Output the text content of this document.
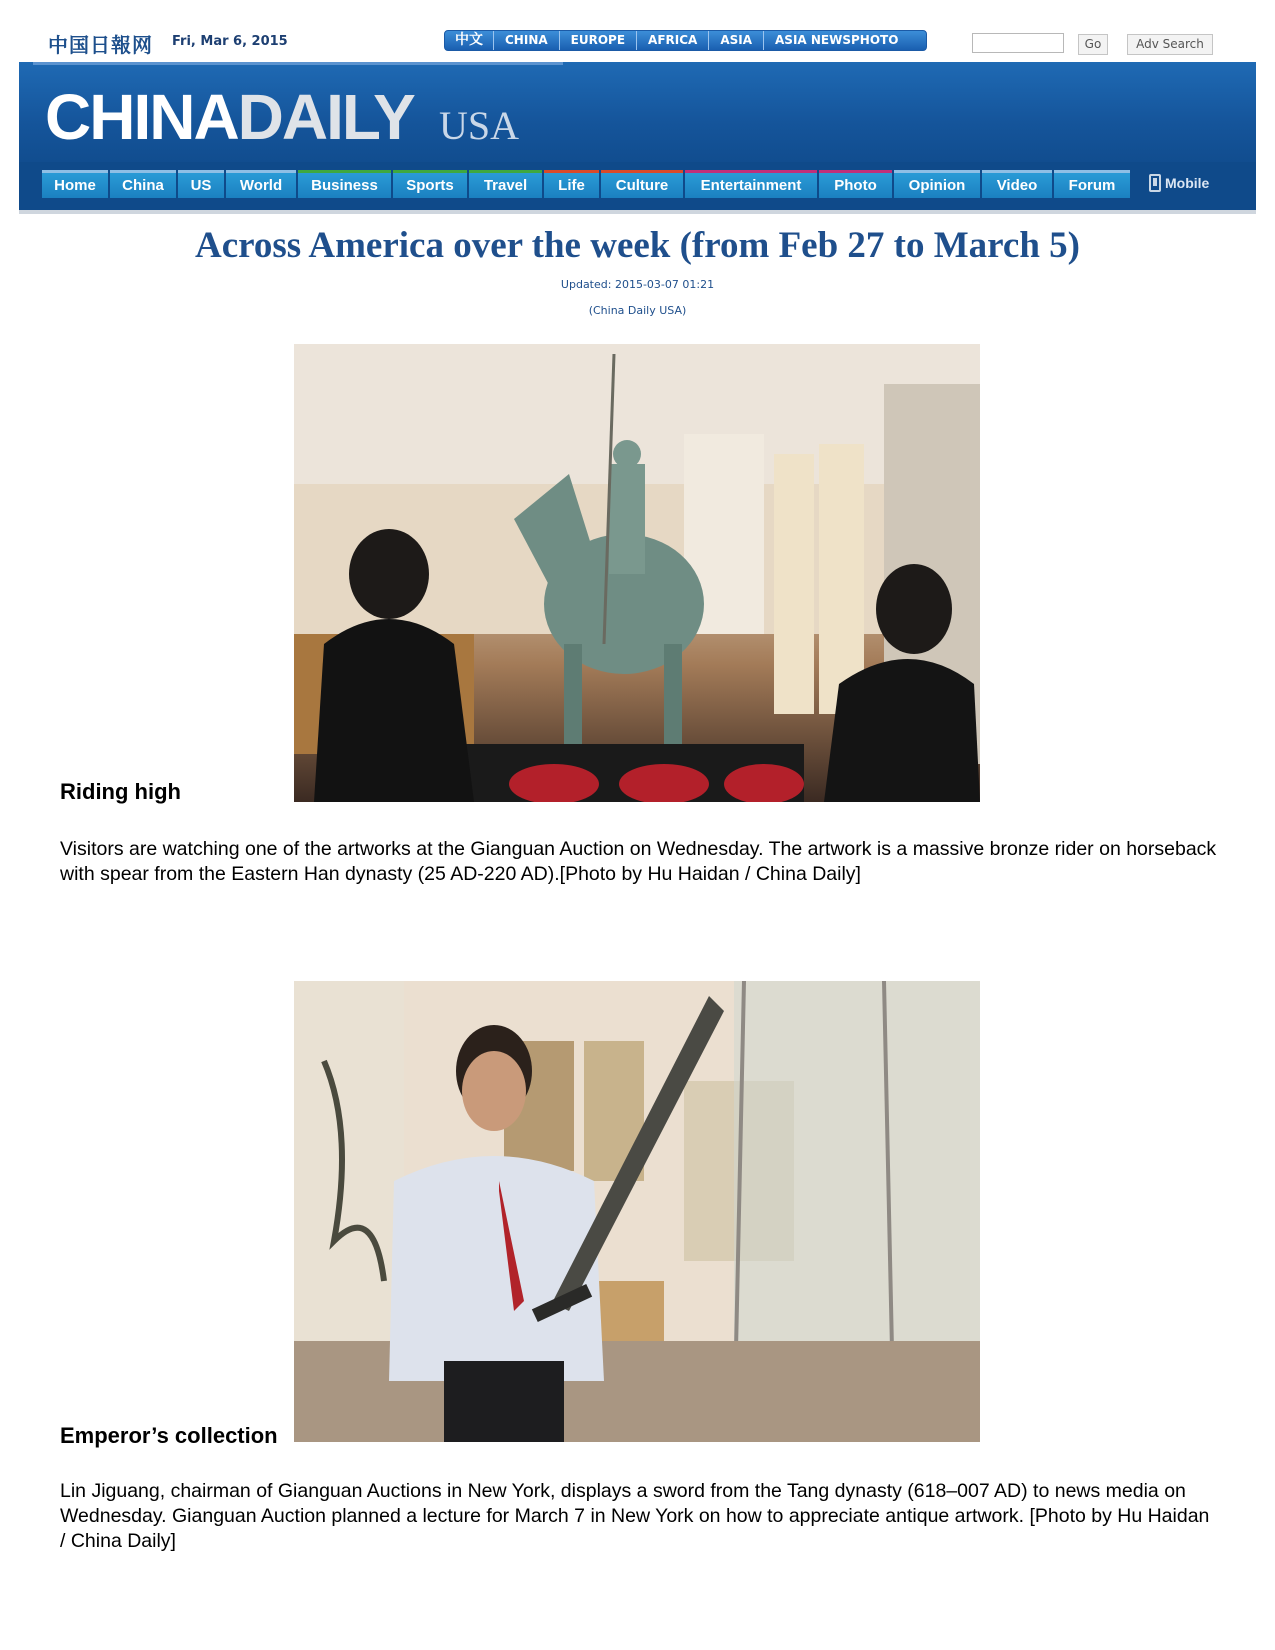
中国日報网 Fri, Mar 6, 2015	中文	CHINA	EUROPE	AFRICA	ASIA	ASIA NEWSPHOTO	Go	Adv Search
CHINADAILY USA
Home	China	US	World	Business	Sports	Travel	Life	Culture	Entertainment	Photo	Opinion	Video	Forum	Mobile
Across America over the week (from Feb 27 to March 5)
Updated: 2015-03-07 01:21
(China Daily USA)
Riding high
Visitors are watching one of the artworks at the Gianguan Auction on Wednesday. The artwork is a massive bronze rider on horseback with spear from the Eastern Han dynasty (25 AD-220 AD).[Photo by Hu Haidan / China Daily]
Emperor’s collection
Lin Jiguang, chairman of Gianguan Auctions in New York, displays a sword from the Tang dynasty (618–007 AD) to news media on Wednesday. Gianguan Auction planned a lecture for March 7 in New York on how to appreciate antique artwork. [Photo by Hu Haidan / China Daily]
